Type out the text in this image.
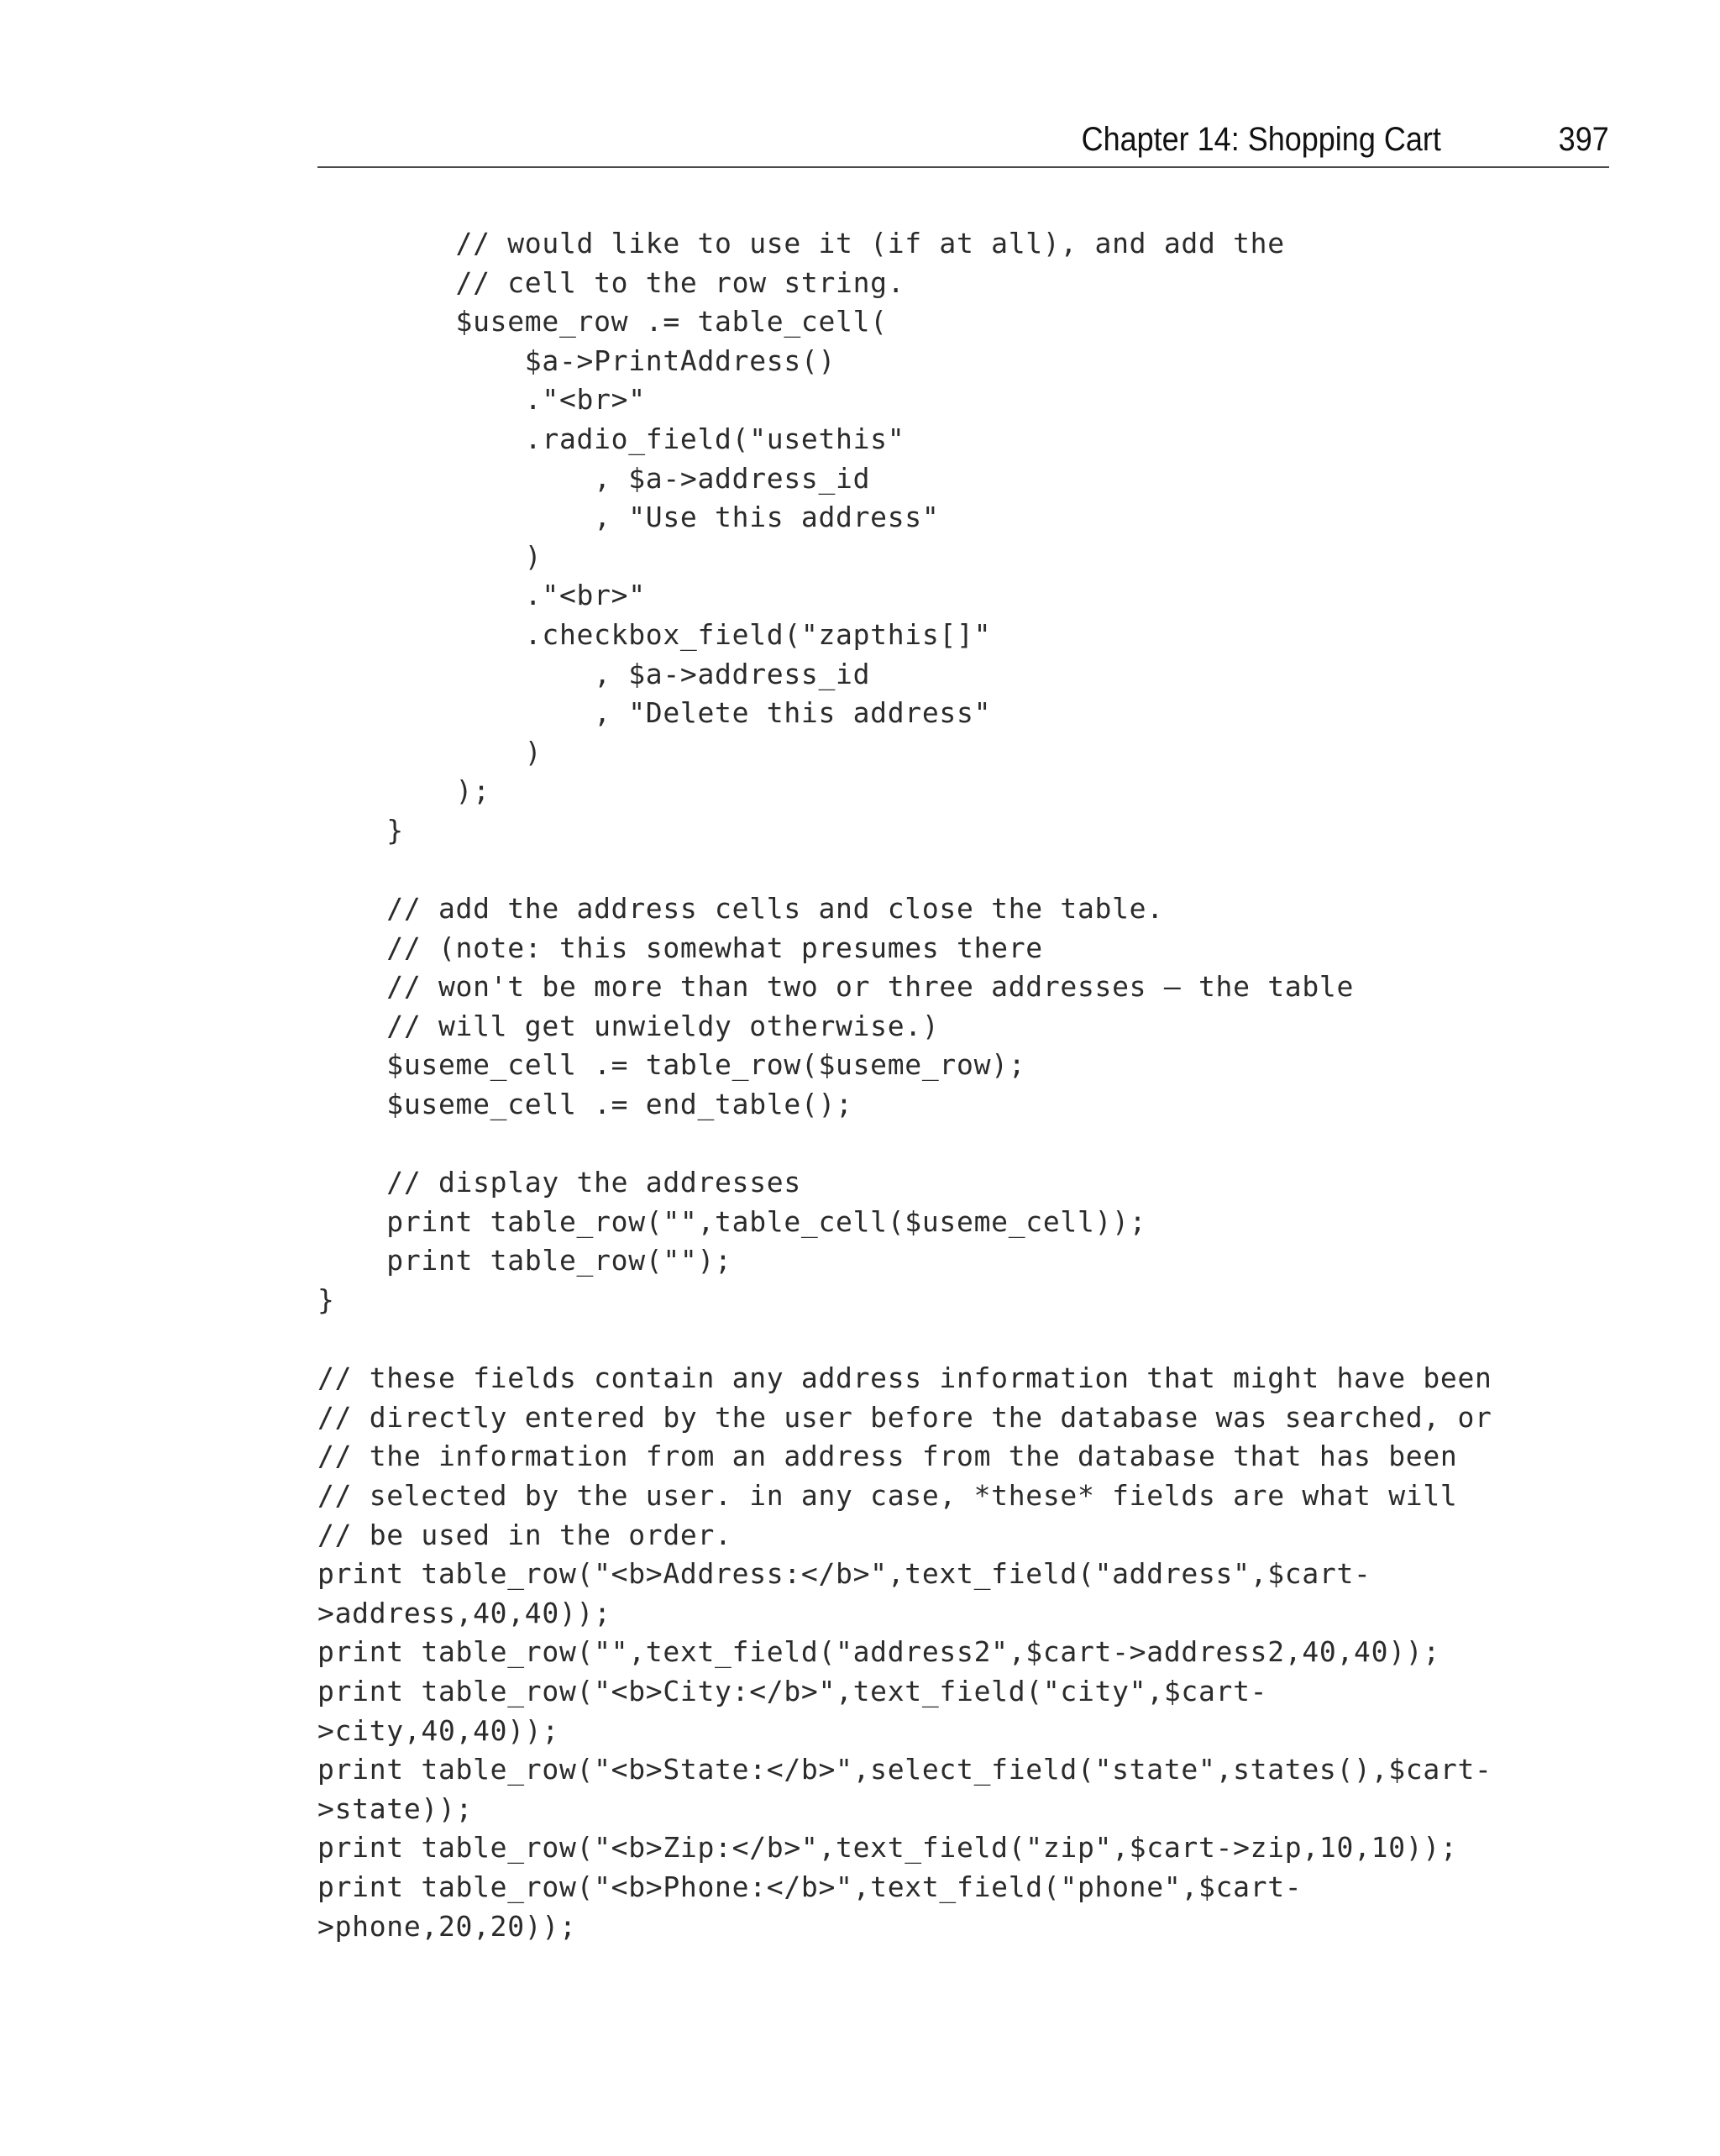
Chapter 14: Shopping Cart	397
// would like to use it (if at all), and add the
// cell to the row string.
$useme_row .= table_cell(
$a->PrintAddress()
."<br>"
.radio_field("usethis"
, $a->address_id
, "Use this address"
)
."<br>"
.checkbox_field("zapthis[]"
, $a->address_id
, "Delete this address"
)
);
}

// add the address cells and close the table.
// (note: this somewhat presumes there
// won't be more than two or three addresses – the table
// will get unwieldy otherwise.)
$useme_cell .= table_row($useme_row);
$useme_cell .= end_table();

// display the addresses
print table_row("",table_cell($useme_cell));
print table_row("");
}

// these fields contain any address information that might have been
// directly entered by the user before the database was searched, or
// the information from an address from the database that has been
// selected by the user. in any case, *these* fields are what will
// be used in the order.
print table_row("<b>Address:</b>",text_field("address",$cart-
>address,40,40));
print table_row("",text_field("address2",$cart->address2,40,40));
print table_row("<b>City:</b>",text_field("city",$cart-
>city,40,40));
print table_row("<b>State:</b>",select_field("state",states(),$cart-
>state));
print table_row("<b>Zip:</b>",text_field("zip",$cart->zip,10,10));
print table_row("<b>Phone:</b>",text_field("phone",$cart-
>phone,20,20));
